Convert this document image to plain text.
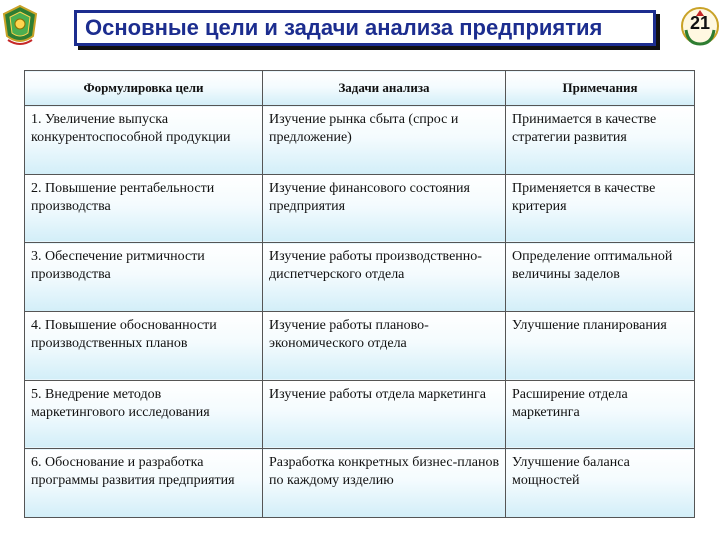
21
Основные цели и задачи анализа предприятия
Формулировка цели	Задачи анализа	Примечания
1. Увеличение выпуска конкурентоспособной продукции	Изучение рынка сбыта (спрос и предложение)	Принимается в качестве стратегии развития
2. Повышение рентабельности производства	Изучение финансового состояния предприятия	Применяется в качестве критерия
3. Обеспечение ритмичности производства	Изучение работы производственно-диспетчерского отдела	Определение оптимальной величины заделов
4. Повышение обоснованности производственных планов	Изучение работы планово-экономического отдела	Улучшение планирования
5. Внедрение методов маркетингового исследования	Изучение работы отдела маркетинга	Расширение отдела маркетинга
6. Обоснование и разработка программы развития предприятия	Разработка конкретных бизнес-планов по каждому изделию	Улучшение баланса мощностей
